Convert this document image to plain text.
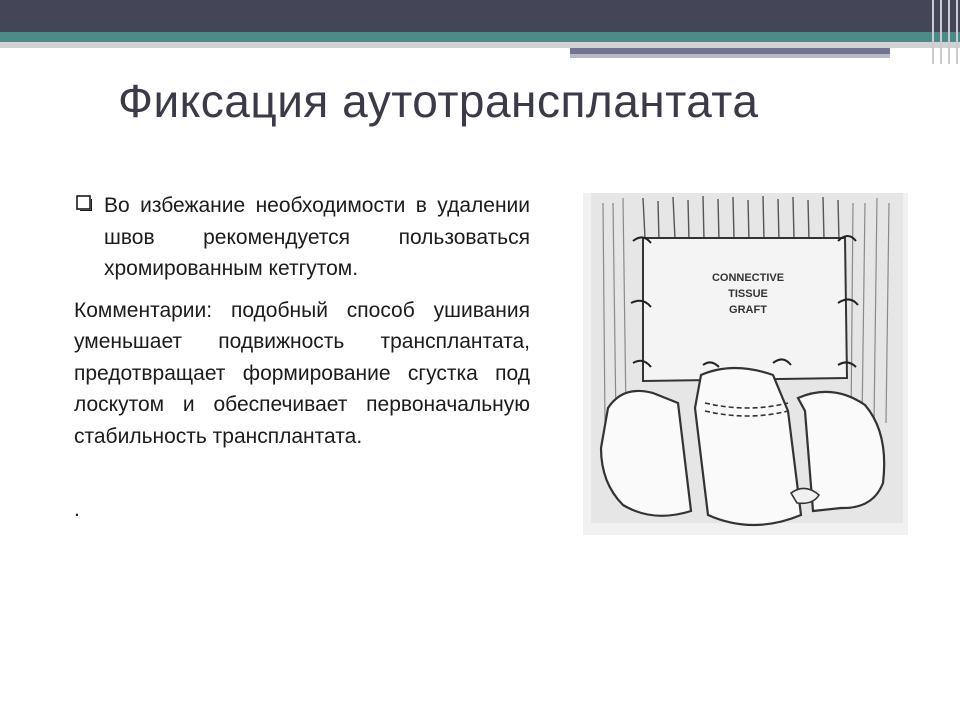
Фиксация аутотрансплантата
Во избежание необходимости в удалении швов рекомендуется пользоваться хромированным кетгутом.
Комментарии: подобный способ ушивания уменьшает подвижность трансплантата, предотвращает формирование сгустка под лоскутом и обеспечивает первоначальную стабильность трансплантата.
.
CONNECTIVE
TISSUE
GRAFT
